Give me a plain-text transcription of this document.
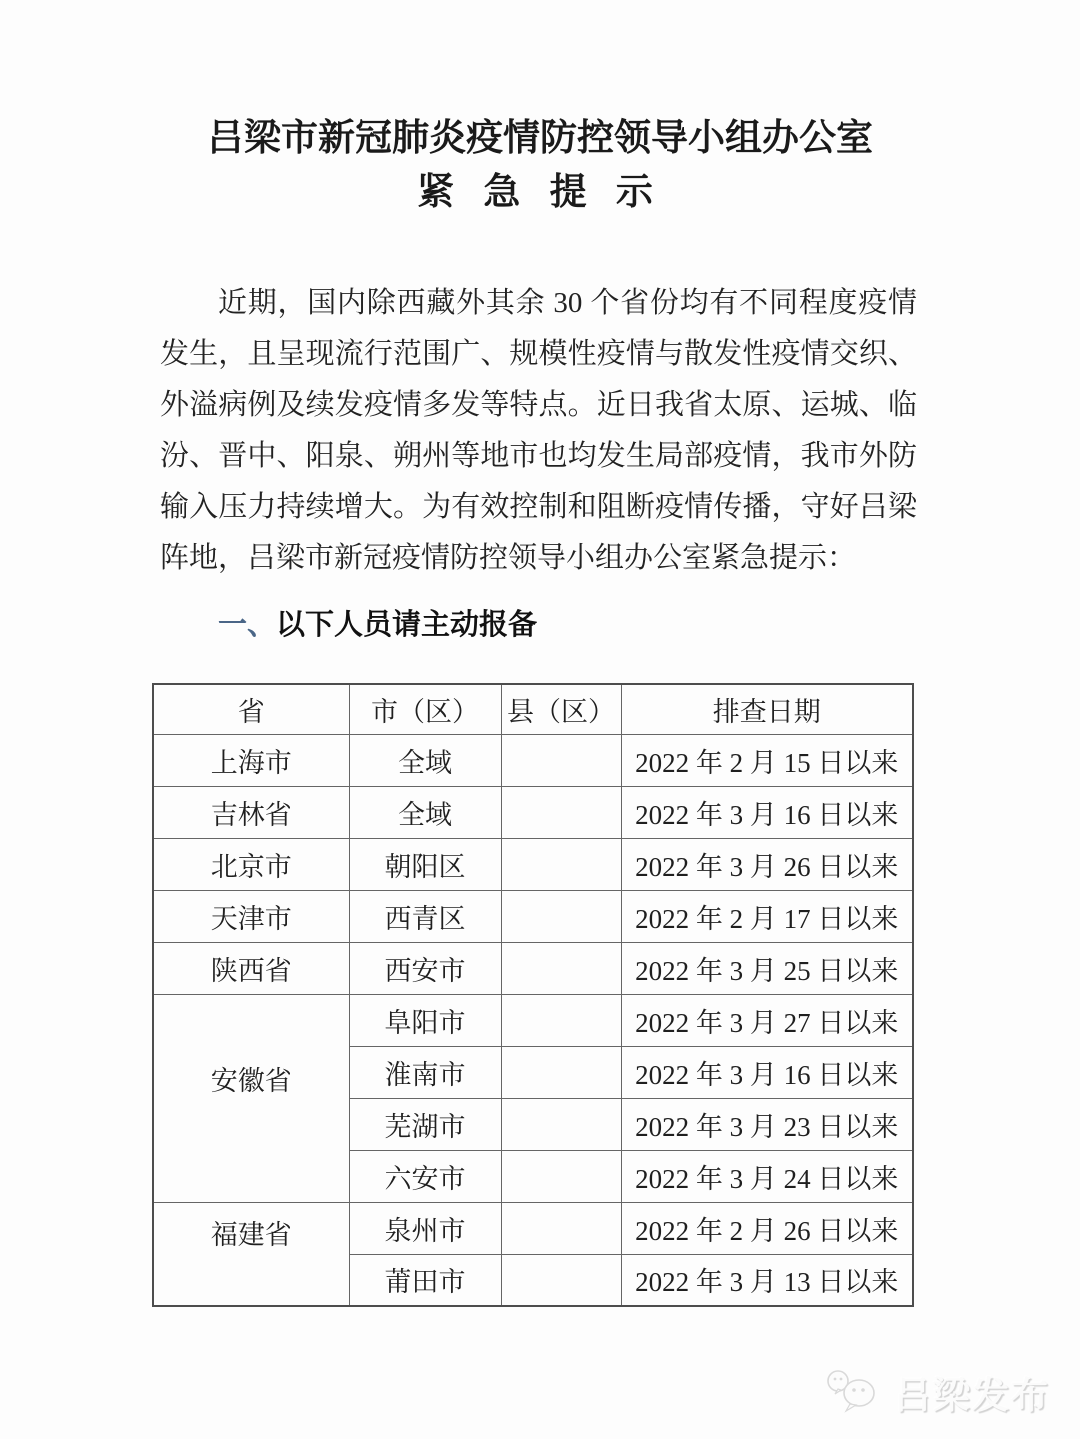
吕梁市新冠肺炎疫情防控领导小组办公室
紧 急 提 示

近期，国内除西藏外其余 30 个省份均有不同程度疫情发生，且呈现流行范围广、规模性疫情与散发性疫情交织、外溢病例及续发疫情多发等特点。近日我省太原、运城、临汾、晋中、阳泉、朔州等地市也均发生局部疫情，我市外防输入压力持续增大。为有效控制和阻断疫情传播，守好吕梁阵地，吕梁市新冠疫情防控领导小组办公室紧急提示：

一、以下人员请主动报备
省	市（区）	县（区）	排查日期
上海市	全域		2022 年 2 月 15 日以来
吉林省	全域		2022 年 3 月 16 日以来
北京市	朝阳区		2022 年 3 月 26 日以来
天津市	西青区		2022 年 2 月 17 日以来
陕西省	西安市		2022 年 3 月 25 日以来
安徽省	阜阳市		2022 年 3 月 27 日以来
	淮南市		2022 年 3 月 16 日以来
	芜湖市		2022 年 3 月 23 日以来
	六安市		2022 年 3 月 24 日以来
福建省	泉州市		2022 年 2 月 26 日以来
	莆田市		2022 年 3 月 13 日以来
吕梁发布
